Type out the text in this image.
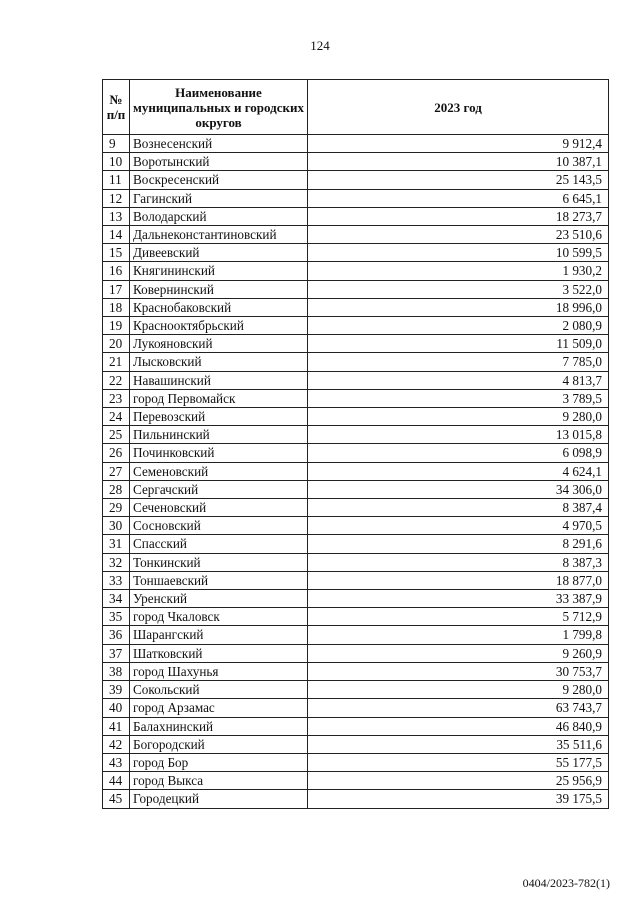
124
№ п/п	Наименование муниципальных и городских округов	2023 год
9	Вознесенский	9 912,4
10	Воротынский	10 387,1
11	Воскресенский	25 143,5
12	Гагинский	6 645,1
13	Володарский	18 273,7
14	Дальнеконстантиновский	23 510,6
15	Дивеевский	10 599,5
16	Княгининский	1 930,2
17	Ковернинский	3 522,0
18	Краснобаковский	18 996,0
19	Краснооктябрьский	2 080,9
20	Лукояновский	11 509,0
21	Лысковский	7 785,0
22	Навашинский	4 813,7
23	город Первомайск	3 789,5
24	Перевозский	9 280,0
25	Пильнинский	13 015,8
26	Починковский	6 098,9
27	Семеновский	4 624,1
28	Сергачский	34 306,0
29	Сеченовский	8 387,4
30	Сосновский	4 970,5
31	Спасский	8 291,6
32	Тонкинский	8 387,3
33	Тоншаевский	18 877,0
34	Уренский	33 387,9
35	город Чкаловск	5 712,9
36	Шарангский	1 799,8
37	Шатковский	9 260,9
38	город Шахунья	30 753,7
39	Сокольский	9 280,0
40	город Арзамас	63 743,7
41	Балахнинский	46 840,9
42	Богородский	35 511,6
43	город Бор	55 177,5
44	город Выкса	25 956,9
45	Городецкий	39 175,5
0404/2023-782(1)
